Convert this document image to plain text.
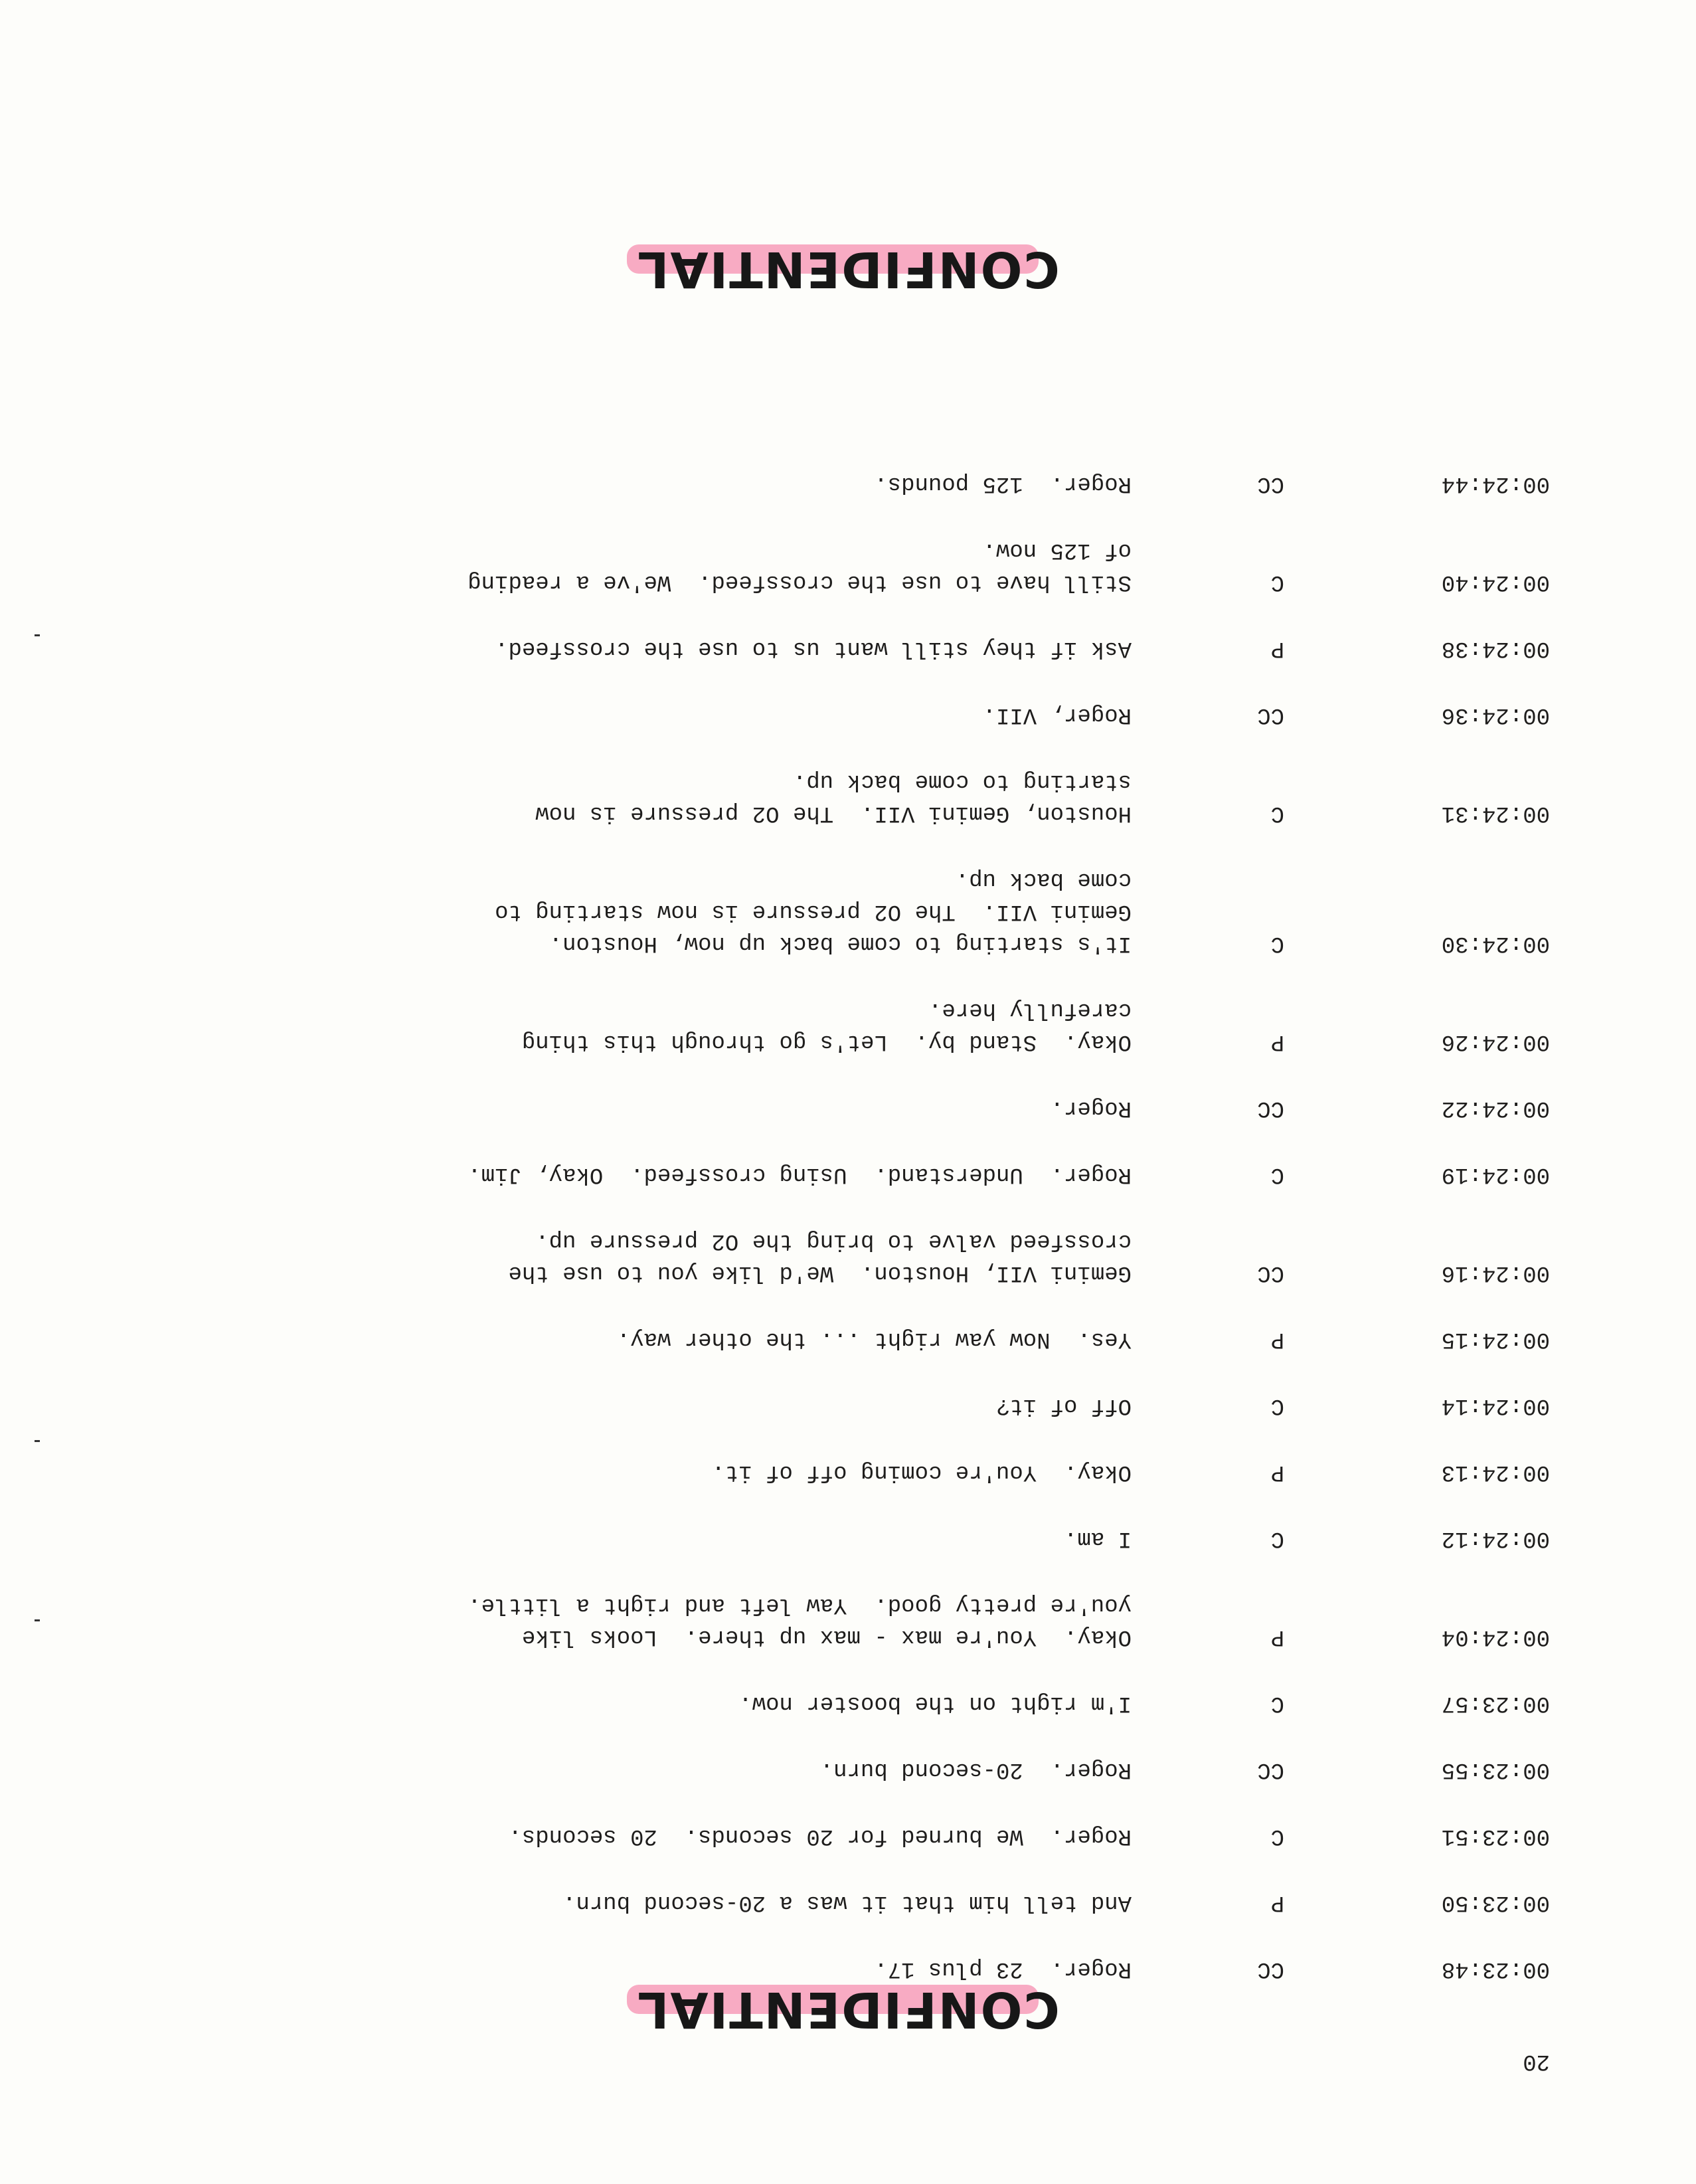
20
CONFIDENTIAL
00:23:48
CC
Roger.  23 plus 17.
00:23:50
P
And tell him that it was a 20-second burn.
00:23:51
C
Roger.  We burned for 20 seconds.  20 seconds.
00:23:55
CC
Roger.  20-second burn.
00:23:57
C
I'm right on the booster now.
00:24:04
P
Okay.  You're max - max up there.  Looks like you're pretty good.  Yaw left and right a little.
00:24:12
C
I am.
00:24:13
P
Okay.  You're coming off of it.
00:24:14
C
Off of it?
00:24:15
P
Yes.  Now yaw right ... the other way.
00:24:16
CC
Gemini VII, Houston.  We'd like you to use the crossfeed valve to bring the O2 pressure up.
00:24:19
C
Roger.  Understand.  Using crossfeed.  Okay, Jim.
00:24:22
CC
Roger.
00:24:26
P
Okay.  Stand by.  Let's go through this thing carefully here.
00:24:30
C
It's starting to come back up now, Houston.  Gemini VII.  The O2 pressure is now starting to come back up.
00:24:31
C
Houston, Gemini VII.  The O2 pressure is now starting to come back up.
00:24:36
CC
Roger, VII.
00:24:38
P
Ask if they still want us to use the crossfeed.
00:24:40
C
Still have to use the crossfeed.  We've a reading of 125 now.
00:24:44
CC
Roger.  125 pounds.
CONFIDENTIAL
